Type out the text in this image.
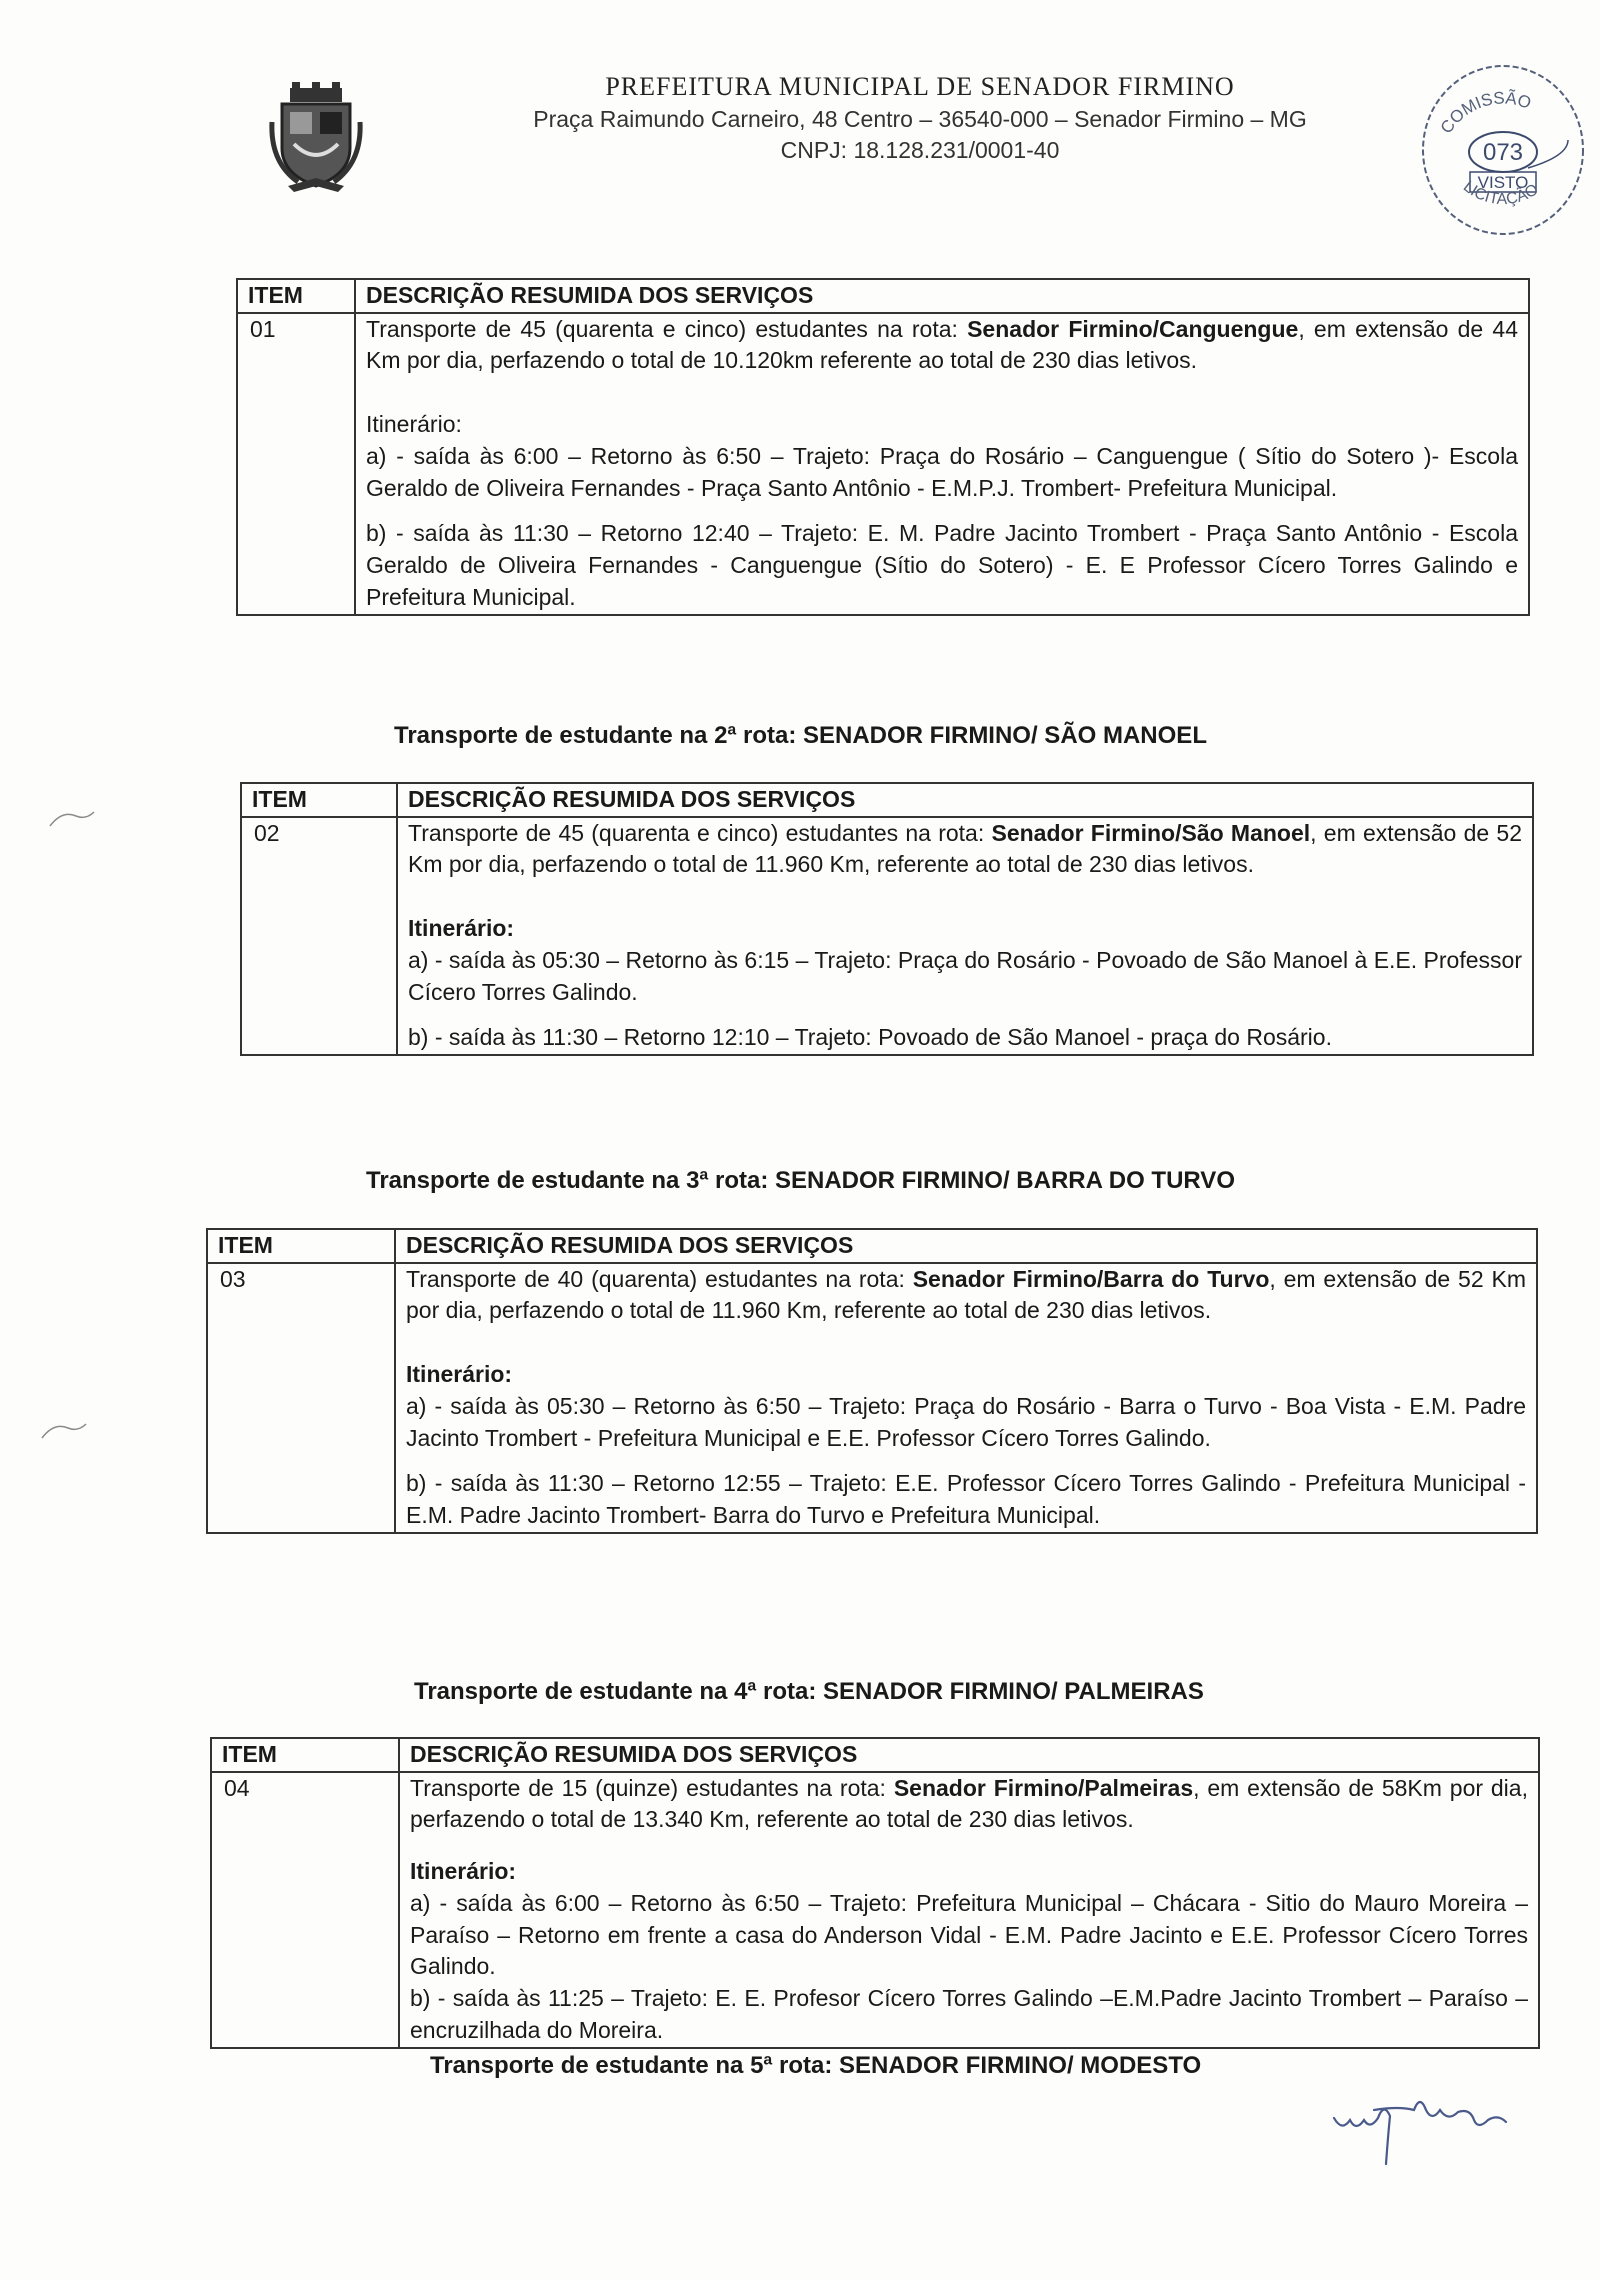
PREFEITURA MUNICIPAL DE SENADOR FIRMINO
Praça Raimundo Carneiro, 48 Centro – 36540-000 – Senador Firmino – MG
CNPJ: 18.128.231/0001-40
COMISSÃO
073
VISTO
LICITAÇÃO
ITEM	DESCRIÇÃO RESUMIDA DOS SERVIÇOS
01	Transporte de 45 (quarenta e cinco) estudantes na rota: Senador Firmino/Canguengue, em extensão de 44 Km por dia, perfazendo o total de 10.120km referente ao total de 230 dias letivos.

Itinerário:

a) - saída às 6:00 – Retorno às 6:50 – Trajeto: Praça do Rosário – Canguengue ( Sítio do Sotero )- Escola Geraldo de Oliveira Fernandes - Praça Santo Antônio - E.M.P.J. Trombert- Prefeitura Municipal.

b) - saída às 11:30 – Retorno 12:40 – Trajeto: E. M. Padre Jacinto Trombert - Praça Santo Antônio - Escola Geraldo de Oliveira Fernandes - Canguengue (Sítio do Sotero) - E. E Professor Cícero Torres Galindo e Prefeitura Municipal.

Transporte de estudante na 2ª rota: SENADOR FIRMINO/ SÃO MANOEL
ITEM	DESCRIÇÃO RESUMIDA DOS SERVIÇOS
02	Transporte de 45 (quarenta e cinco) estudantes na rota: Senador Firmino/São Manoel, em extensão de 52 Km por dia, perfazendo o total de 11.960 Km, referente ao total de 230 dias letivos.

Itinerário:

a) - saída às 05:30 – Retorno às 6:15 – Trajeto: Praça do Rosário - Povoado de São Manoel à E.E. Professor Cícero Torres Galindo.

b) - saída às 11:30 – Retorno 12:10 – Trajeto: Povoado de São Manoel - praça do Rosário.

Transporte de estudante na 3ª rota: SENADOR FIRMINO/ BARRA DO TURVO
ITEM	DESCRIÇÃO RESUMIDA DOS SERVIÇOS
03	Transporte de 40 (quarenta) estudantes na rota: Senador Firmino/Barra do Turvo, em extensão de 52 Km por dia, perfazendo o total de 11.960 Km, referente ao total de 230 dias letivos.

Itinerário:

a) - saída às 05:30 – Retorno às 6:50 – Trajeto: Praça do Rosário - Barra o Turvo - Boa Vista - E.M. Padre Jacinto Trombert - Prefeitura Municipal e E.E. Professor Cícero Torres Galindo.

b) - saída às 11:30 – Retorno 12:55 – Trajeto: E.E. Professor Cícero Torres Galindo - Prefeitura Municipal - E.M. Padre Jacinto Trombert- Barra do Turvo e Prefeitura Municipal.

Transporte de estudante na 4ª rota: SENADOR FIRMINO/ PALMEIRAS
ITEM	DESCRIÇÃO RESUMIDA DOS SERVIÇOS
04	Transporte de 15 (quinze) estudantes na rota: Senador Firmino/Palmeiras, em extensão de 58Km por dia, perfazendo o total de 13.340 Km, referente ao total de 230 dias letivos.

Itinerário:

a) - saída às 6:00 – Retorno às 6:50 – Trajeto: Prefeitura Municipal – Chácara - Sitio do Mauro Moreira – Paraíso – Retorno em frente a casa do Anderson Vidal - E.M. Padre Jacinto e E.E. Professor Cícero Torres Galindo.

b) - saída às 11:25 – Trajeto: E. E. Profesor Cícero Torres Galindo –E.M.Padre Jacinto Trombert – Paraíso – encruzilhada do Moreira.

Transporte de estudante na 5ª rota: SENADOR FIRMINO/ MODESTO
